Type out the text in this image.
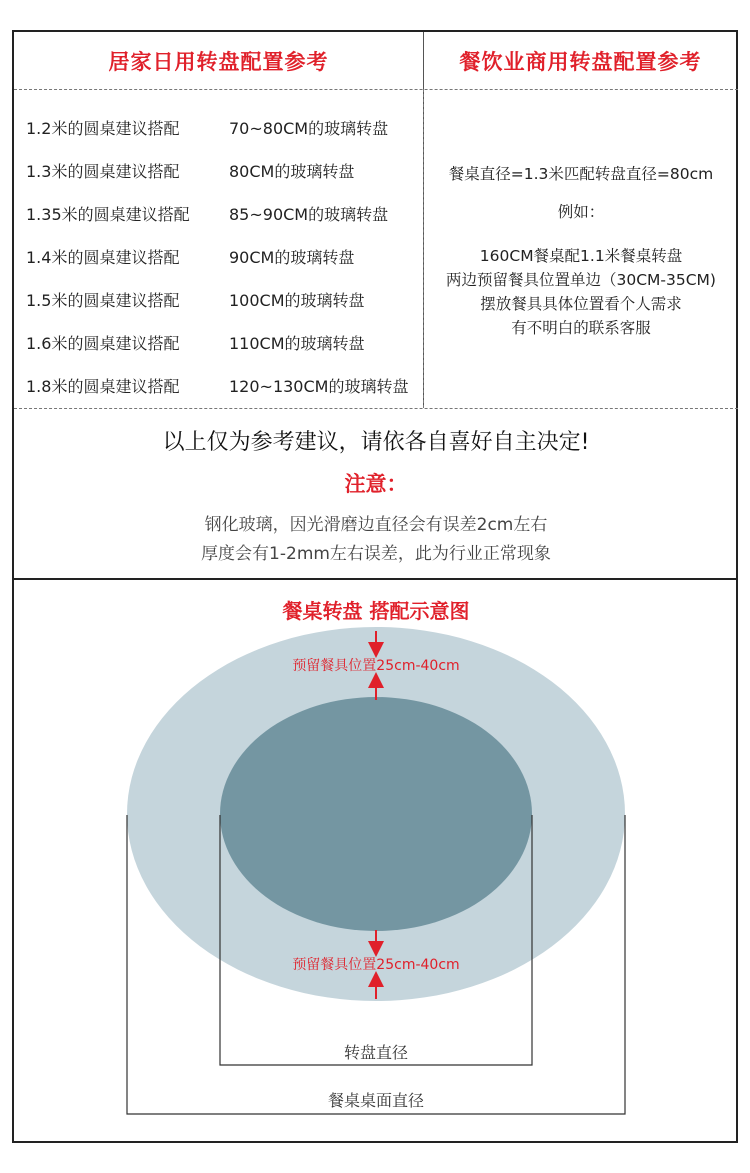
居家日用转盘配置参考	餐饮业商用转盘配置参考
1.2米的圆桌建议搭配	70~80CM的玻璃转盘
1.3米的圆桌建议搭配	80CM的玻璃转盘
1.35米的圆桌建议搭配	85~90CM的玻璃转盘
1.4米的圆桌建议搭配	90CM的玻璃转盘
1.5米的圆桌建议搭配	100CM的玻璃转盘
1.6米的圆桌建议搭配	110CM的玻璃转盘
1.8米的圆桌建议搭配	120~130CM的玻璃转盘
餐桌直径=1.3米匹配转盘直径=80cm
例如：
160CM餐桌配1.1米餐桌转盘
两边预留餐具位置单边（30CM-35CM)
摆放餐具具体位置看个人需求
有不明白的联系客服
以上仅为参考建议，请依各自喜好自主决定!
注意：
钢化玻璃，因光滑磨边直径会有误差2cm左右
厚度会有1-2mm左右误差，此为行业正常现象
餐桌转盘 搭配示意图
预留餐具位置25cm-40cm
预留餐具位置25cm-40cm
转盘直径
餐桌桌面直径
